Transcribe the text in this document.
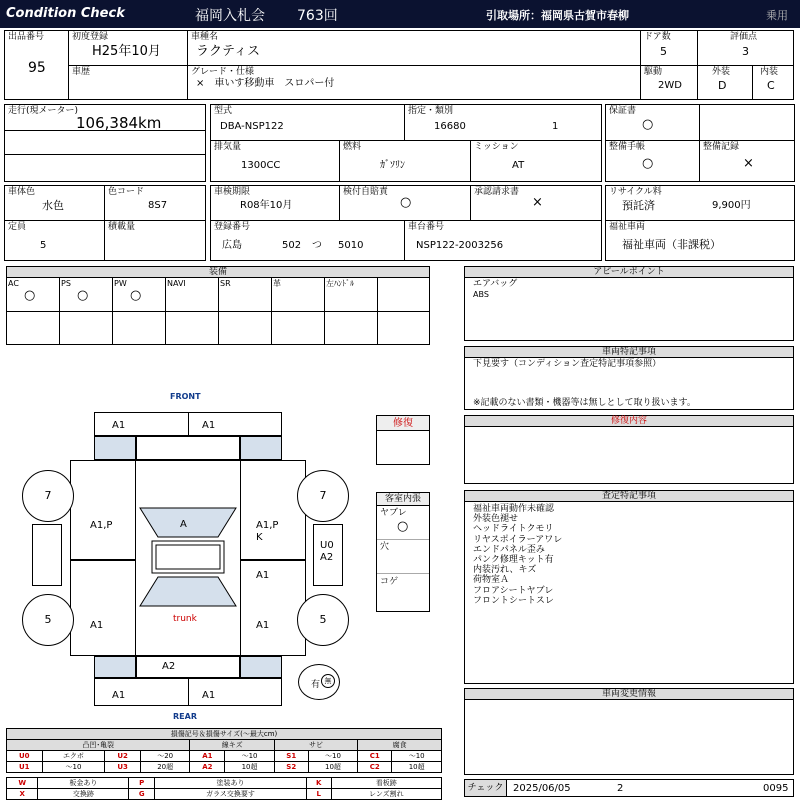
Condition Check	福岡入札会 763回	引取場所：福岡県古賀市春柳	乗用
出品番号
95
初度登録
H25年10月
車種名
ラクティス
ドア数
5
評価点
3
車歴	グレード・仕様
×　車いす移動車　スロパー付
駆動
2WD
外装
D
内装
C
走行(現メーター)
106,384km
型式
DBA-NSP122
指定・類別
16680	1
排気量
1300CC
燃料
ｶﾞｿﾘﾝ
ミッション
AT
保証書
○
整備手帳
○
整備記録
×
車体色
水色
色コード
8S7
定員
5
積載量
車検期限
R08年10月
検付自賠責
○
承認請求書
×
登録番号
広島	502 つ 5010
車台番号
NSP122-2003256
リサイクル料
預託済	9,900円
福祉車両
福祉車両（非課税）
装備
AC
○
PS
○
PW
○
NAVI	SR	革	左ﾊﾝﾄﾞﾙ
アピールポイント
エアバッグ
ABS
車両特記事項
下見要す（コンディション査定特記事項参照）
※記載のない書類・機器等は無しとして取り扱います。
修復	修復内容
査定特記事項
福祉車両動作未確認
外装色褪せ
ヘッドライトクモリ
リヤスポイラーアワレ
エンドパネル歪み
パンク修理キット有
内装汚れ、キズ
荷物室Ａ
フロアシートヤブレ
フロントシートスレ
車両変更情報
客室内張
ヤブレ
○
穴
コゲ
FRONT
REAR
A1	A1
A1,P	A1,P
K
A1
U0
A2
A1	A1
A
trunk
A2
A1	A1
7	7
5	5
有 無
損傷記号＆損傷サイズ(〜最大cm)									
凸凹･亀裂				線キズ		サビ		腐食	
U0	エクボ	U2	〜20	A1	〜10	S1	〜10	C1	〜10
U1	〜10	U3	20超	A2	10超	S2	10超	C2	10超
W	板金あり	P	塗装あり	K	看板跡
X	交換跡	G	ガラス交換要す	L	レンズ割れ
チェック 2025/06/05	2	0095
